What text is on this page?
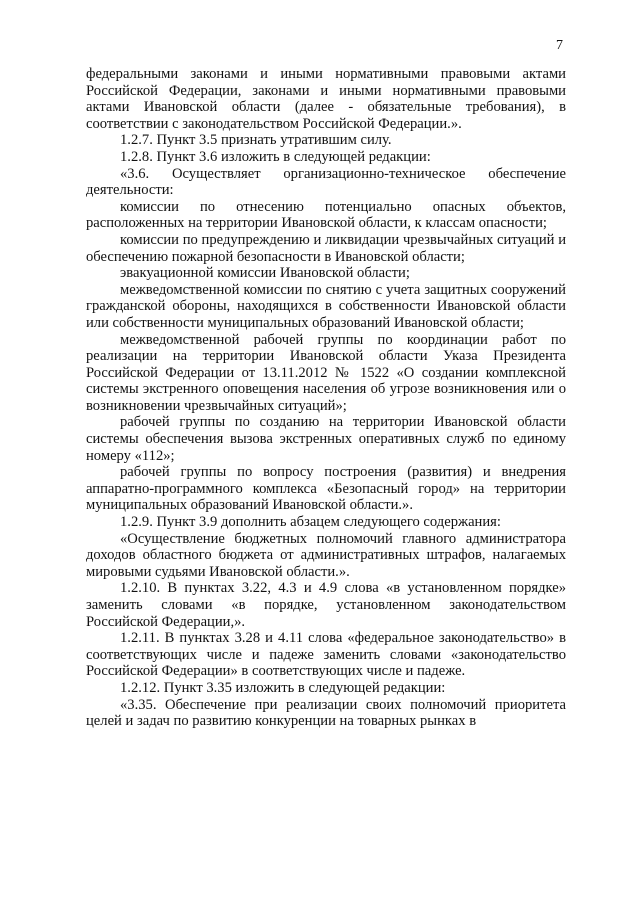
7

федеральными законами и иными нормативными правовыми актами Российской Федерации, законами и иными нормативными правовыми актами Ивановской области (далее - обязательные требования), в соответствии с законодательством Российской Федерации.».

1.2.7. Пункт 3.5 признать утратившим силу.

1.2.8. Пункт 3.6 изложить в следующей редакции:

«3.6. Осуществляет организационно-техническое обеспечение деятельности:

комиссии по отнесению потенциально опасных объектов, расположенных на территории Ивановской области, к классам опасности;

комиссии по предупреждению и ликвидации чрезвычайных ситуаций и обеспечению пожарной безопасности в Ивановской области;

эвакуационной комиссии Ивановской области;

межведомственной комиссии по снятию с учета защитных сооружений гражданской обороны, находящихся в собственности Ивановской области или собственности муниципальных образований Ивановской области;

межведомственной рабочей группы по координации работ по реализации на территории Ивановской области Указа Президента Российской Федерации от 13.11.2012 № 1522 «О создании комплексной системы экстренного оповещения населения об угрозе возникновения или о возникновении чрезвычайных ситуаций»;

рабочей группы по созданию на территории Ивановской области системы обеспечения вызова экстренных оперативных служб по единому номеру «112»;

рабочей группы по вопросу построения (развития) и внедрения аппаратно-программного комплекса «Безопасный город» на территории муниципальных образований Ивановской области.».

1.2.9. Пункт 3.9 дополнить абзацем следующего содержания:

«Осуществление бюджетных полномочий главного администратора доходов областного бюджета от административных штрафов, налагаемых мировыми судьями Ивановской области.».

1.2.10. В пунктах 3.22, 4.3 и 4.9 слова «в установленном порядке» заменить словами «в порядке, установленном законодательством Российской Федерации,».

1.2.11. В пунктах 3.28 и 4.11 слова «федеральное законодательство» в соответствующих числе и падеже заменить словами «законодательство Российской Федерации» в соответствующих числе и падеже.

1.2.12. Пункт 3.35 изложить в следующей редакции:

«3.35. Обеспечение при реализации своих полномочий приоритета целей и задач по развитию конкуренции на товарных рынках в
